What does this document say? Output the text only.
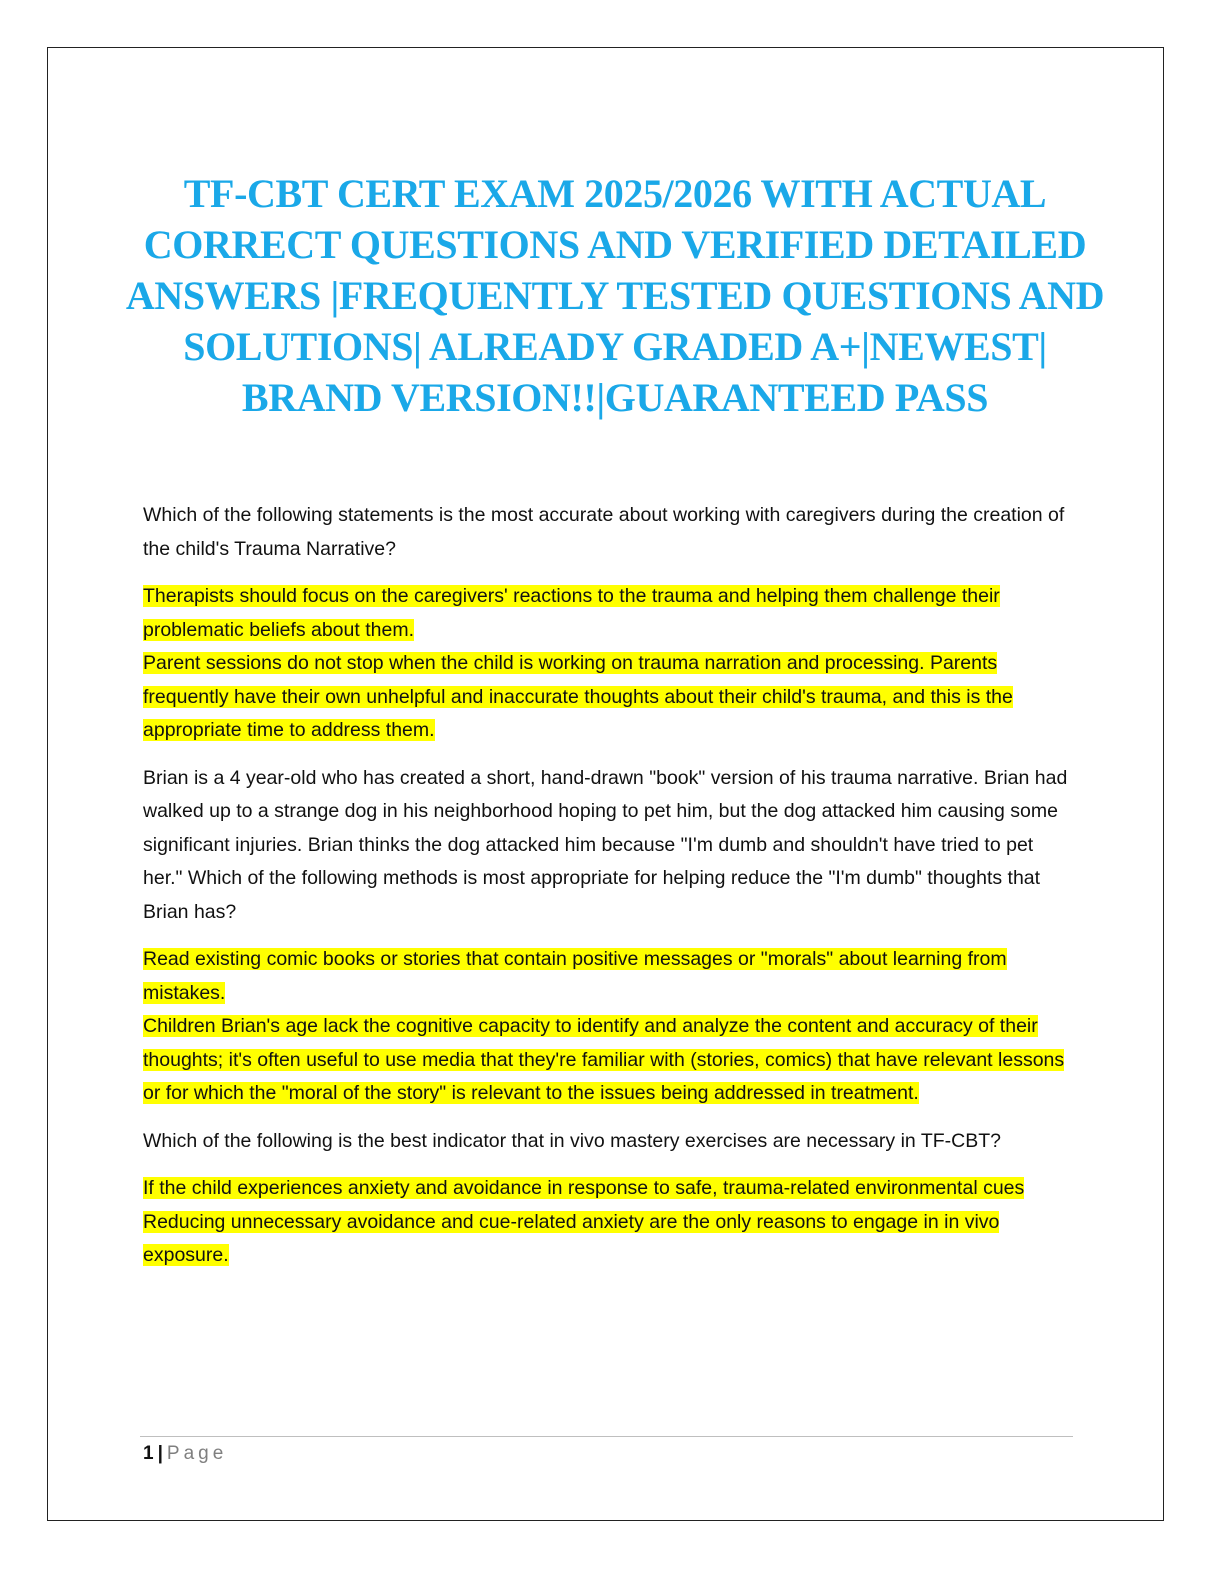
TF-CBT CERT EXAM 2025/2026 WITH ACTUAL CORRECT QUESTIONS AND VERIFIED DETAILED ANSWERS |FREQUENTLY TESTED QUESTIONS AND SOLUTIONS| ALREADY GRADED A+|NEWEST| BRAND VERSION!!|GUARANTEED PASS

Which of the following statements is the most accurate about working with caregivers during the creation of the child's Trauma Narrative?

Therapists should focus on the caregivers' reactions to the trauma and helping them challenge their problematic beliefs about them.
Parent sessions do not stop when the child is working on trauma narration and processing. Parents frequently have their own unhelpful and inaccurate thoughts about their child's trauma, and this is the appropriate time to address them.

Brian is a 4 year-old who has created a short, hand-drawn "book" version of his trauma narrative. Brian had walked up to a strange dog in his neighborhood hoping to pet him, but the dog attacked him causing some significant injuries. Brian thinks the dog attacked him because "I'm dumb and shouldn't have tried to pet her." Which of the following methods is most appropriate for helping reduce the "I'm dumb" thoughts that Brian has?

Read existing comic books or stories that contain positive messages or "morals" about learning from mistakes.
Children Brian's age lack the cognitive capacity to identify and analyze the content and accuracy of their thoughts; it's often useful to use media that they're familiar with (stories, comics) that have relevant lessons or for which the "moral of the story" is relevant to the issues being addressed in treatment.

Which of the following is the best indicator that in vivo mastery exercises are necessary in TF-CBT?

If the child experiences anxiety and avoidance in response to safe, trauma-related environmental cues
Reducing unnecessary avoidance and cue-related anxiety are the only reasons to engage in in vivo exposure.
1 | Page
